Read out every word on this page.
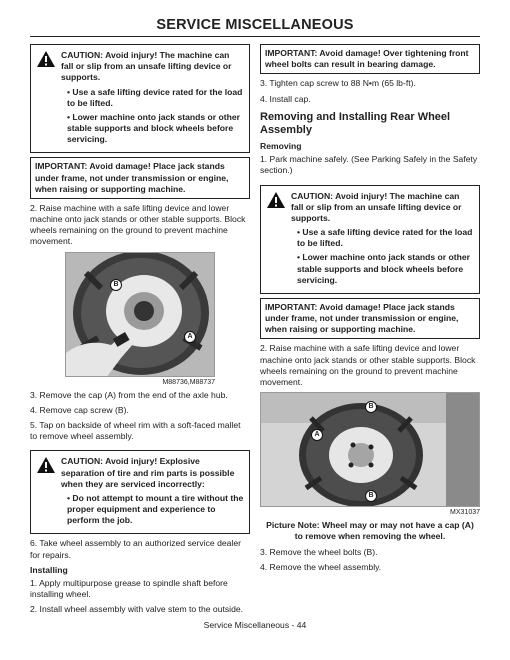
SERVICE MISCELLANEOUS

CAUTION: Avoid injury! The machine can fall or slip from an unsafe lifting device or supports.

• Use a safe lifting device rated for the load to be lifted.

• Lower machine onto jack stands or other stable supports and block wheels before servicing.

IMPORTANT: Avoid damage! Place jack stands under frame, not under transmission or engine, when raising or supporting machine.

2. Raise machine with a safe lifting device and lower machine onto jack stands or other stable supports. Block wheels remaining on the ground to prevent machine movement.

B
A
M88736,M88737

3. Remove the cap (A) from the end of the axle hub.

4. Remove cap screw (B).

5. Tap on backside of wheel rim with a soft-faced mallet to remove wheel assembly.

CAUTION: Avoid injury! Explosive separation of tire and rim parts is possible when they are serviced incorrectly:

• Do not attempt to mount a tire without the proper equipment and experience to perform the job.

6. Take wheel assembly to an authorized service dealer for repairs.

Installing

1. Apply multipurpose grease to spindle shaft before installing wheel.

2. Install wheel assembly with valve stem to the outside.

IMPORTANT: Avoid damage! Over tightening front wheel bolts can result in bearing damage.

3. Tighten cap screw to 88 N•m (65 lb-ft).

4. Install cap.

Removing and Installing Rear Wheel Assembly
Removing

1. Park machine safely. (See Parking Safely in the Safety section.)

CAUTION: Avoid injury! The machine can fall or slip from an unsafe lifting device or supports.

• Use a safe lifting device rated for the load to be lifted.

• Lower machine onto jack stands or other stable supports and block wheels before servicing.

IMPORTANT: Avoid damage! Place jack stands under frame, not under transmission or engine, when raising or supporting machine.

2. Raise machine with a safe lifting device and lower machine onto jack stands or other stable supports. Block wheels remaining on the ground to prevent machine movement.

B
A
B
MX31037

Picture Note: Wheel may or may not have a cap (A) to remove when removing the wheel.

3. Remove the wheel bolts (B).

4. Remove the wheel assembly.

Service Miscellaneous - 44
